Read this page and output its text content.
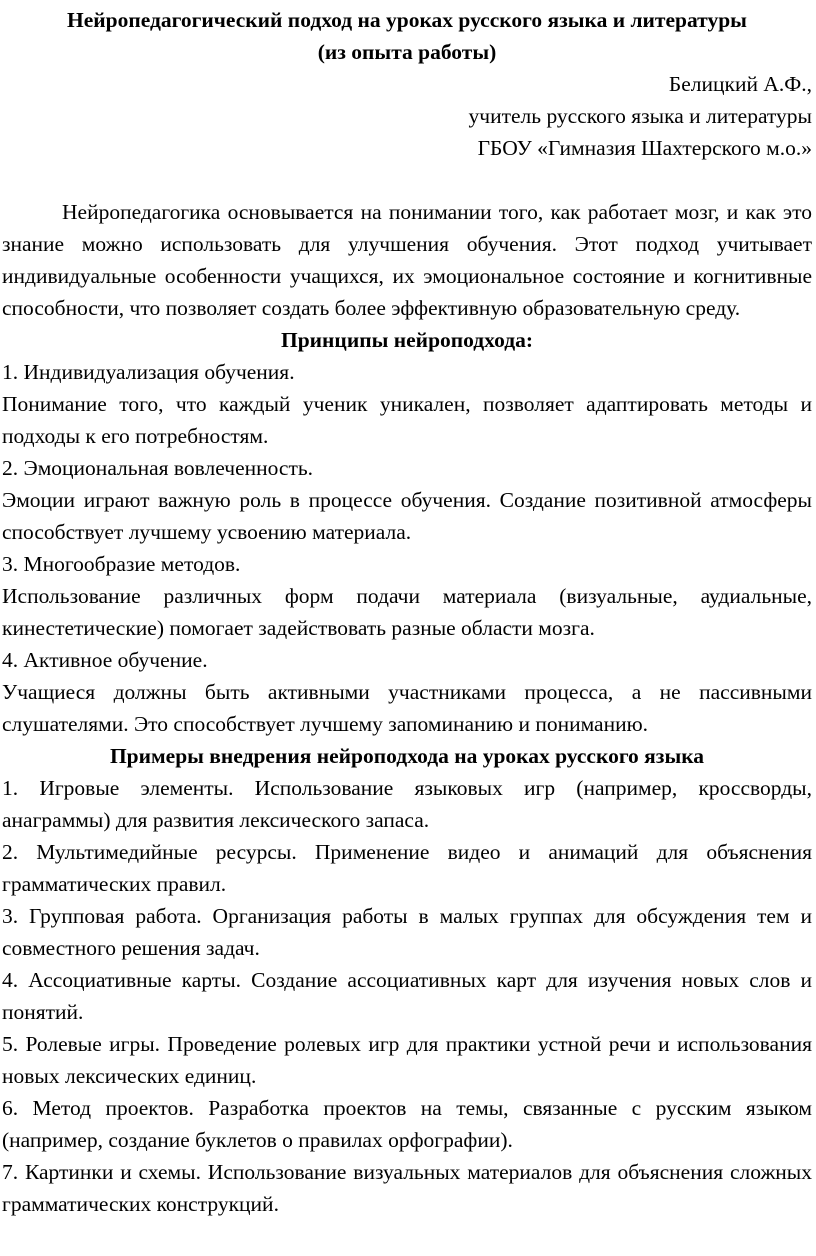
Нейропедагогический подход на уроках русского языка и литературы

(из опыта работы)

Белицкий А.Ф.,

учитель русского языка и литературы

ГБОУ «Гимназия Шахтерского м.о.»

Нейропедагогика основывается на понимании того, как работает мозг, и как это знание можно использовать для улучшения обучения. Этот подход учитывает индивидуальные особенности учащихся, их эмоциональное состояние и когнитивные способности, что позволяет создать более эффективную образовательную среду.

Принципы нейроподхода:

1. Индивидуализация обучения.

Понимание того, что каждый ученик уникален, позволяет адаптировать методы и подходы к его потребностям.

2. Эмоциональная вовлеченность.

Эмоции играют важную роль в процессе обучения. Создание позитивной атмосферы способствует лучшему усвоению материала.

3. Многообразие методов.

Использование различных форм подачи материала (визуальные, аудиальные, кинестетические) помогает задействовать разные области мозга.

4. Активное обучение.

Учащиеся должны быть активными участниками процесса, а не пассивными слушателями. Это способствует лучшему запоминанию и пониманию.

Примеры внедрения нейроподхода на уроках русского языка

1. Игровые элементы. Использование языковых игр (например, кроссворды, анаграммы) для развития лексического запаса.

2. Мультимедийные ресурсы. Применение видео и анимаций для объяснения грамматических правил.

3. Групповая работа. Организация работы в малых группах для обсуждения тем и совместного решения задач.

4. Ассоциативные карты. Создание ассоциативных карт для изучения новых слов и понятий.

5. Ролевые игры. Проведение ролевых игр для практики устной речи и использования новых лексических единиц.

6. Метод проектов. Разработка проектов на темы, связанные с русским языком (например, создание буклетов о правилах орфографии).

7. Картинки и схемы. Использование визуальных материалов для объяснения сложных грамматических конструкций.
